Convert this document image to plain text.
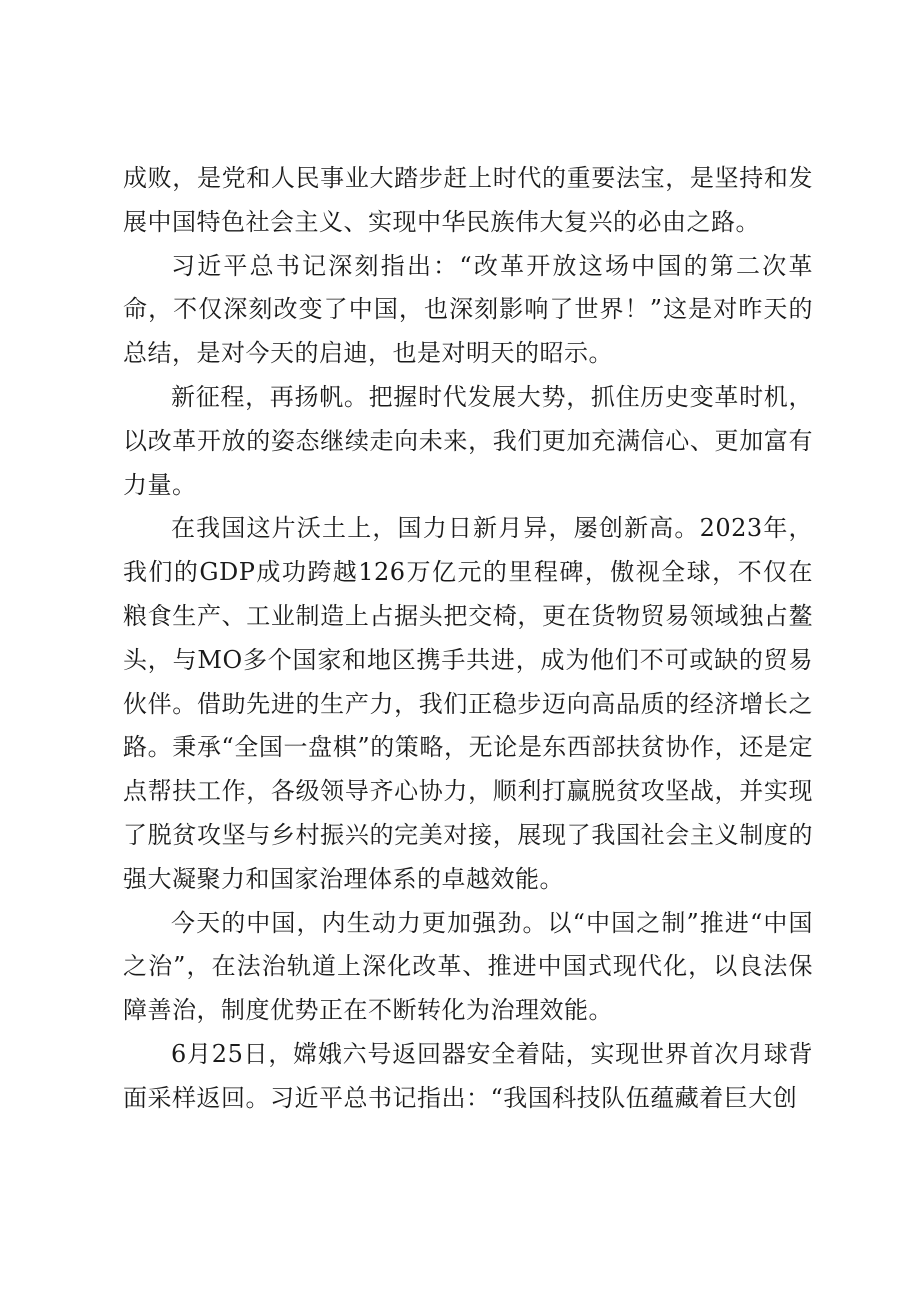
成败，是党和人民事业大踏步赶上时代的重要法宝，是坚持和发展中国特色社会主义、实现中华民族伟大复兴的必由之路。

习近平总书记深刻指出：“改革开放这场中国的第二次革命，不仅深刻改变了中国，也深刻影响了世界！”这是对昨天的总结，是对今天的启迪，也是对明天的昭示。

新征程，再扬帆。把握时代发展大势，抓住历史变革时机，以改革开放的姿态继续走向未来，我们更加充满信心、更加富有力量。

在我国这片沃土上，国力日新月异，屡创新高。2023年，我们的GDP成功跨越126万亿元的里程碑，傲视全球，不仅在粮食生产、工业制造上占据头把交椅，更在货物贸易领域独占鳌头，与MO多个国家和地区携手共进，成为他们不可或缺的贸易伙伴。借助先进的生产力，我们正稳步迈向高品质的经济增长之路。秉承“全国一盘棋”的策略，无论是东西部扶贫协作，还是定点帮扶工作，各级领导齐心协力，顺利打赢脱贫攻坚战，并实现了脱贫攻坚与乡村振兴的完美对接，展现了我国社会主义制度的强大凝聚力和国家治理体系的卓越效能。

今天的中国，内生动力更加强劲。以“中国之制”推进“中国之治”，在法治轨道上深化改革、推进中国式现代化，以良法保障善治，制度优势正在不断转化为治理效能。

6月25日，嫦娥六号返回器安全着陆，实现世界首次月球背面采样返回。习近平总书记指出：“我国科技队伍蕴藏着巨大创
